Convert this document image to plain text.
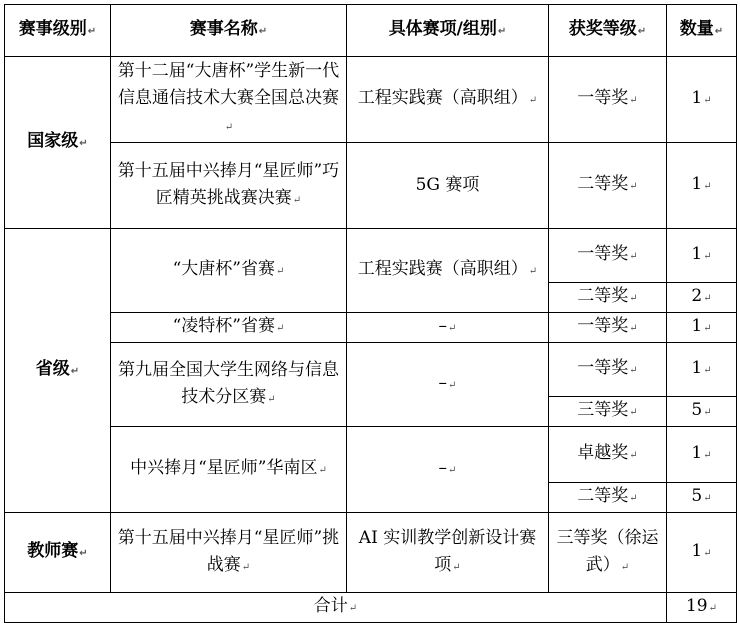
赛事级别 ↵	赛事名称 ↵	具体赛项/组别 ↵	获奖等级 ↵	数量 ↵
国家级 ↵	第十二届“大唐杯”学生新一代信息通信技术大赛全国总决赛 ↵	工程实践赛（高职组） ↵	一等奖 ↵	1 ↵
	第十五届中兴捧月“星匠师”巧匠精英挑战赛决赛 ↵	5G 赛项	二等奖 ↵	1 ↵
省级 ↵	“大唐杯”省赛 ↵	工程实践赛（高职组） ↵	一等奖 ↵	1 ↵
			二等奖 ↵	2 ↵
	“凌特杯”省赛 ↵	– ↵	一等奖 ↵	1 ↵
	第九届全国大学生网络与信息技术分区赛 ↵	– ↵	一等奖 ↵	1 ↵
			三等奖 ↵	5 ↵
	中兴捧月“星匠师”华南区 ↵	– ↵	卓越奖 ↵	1 ↵
			二等奖 ↵	5 ↵
教师赛 ↵	第十五届中兴捧月“星匠师”挑战赛 ↵	AI 实训教学创新设计赛项 ↵	三等奖（徐运武） ↵	1 ↵
合计 ↵				19 ↵
